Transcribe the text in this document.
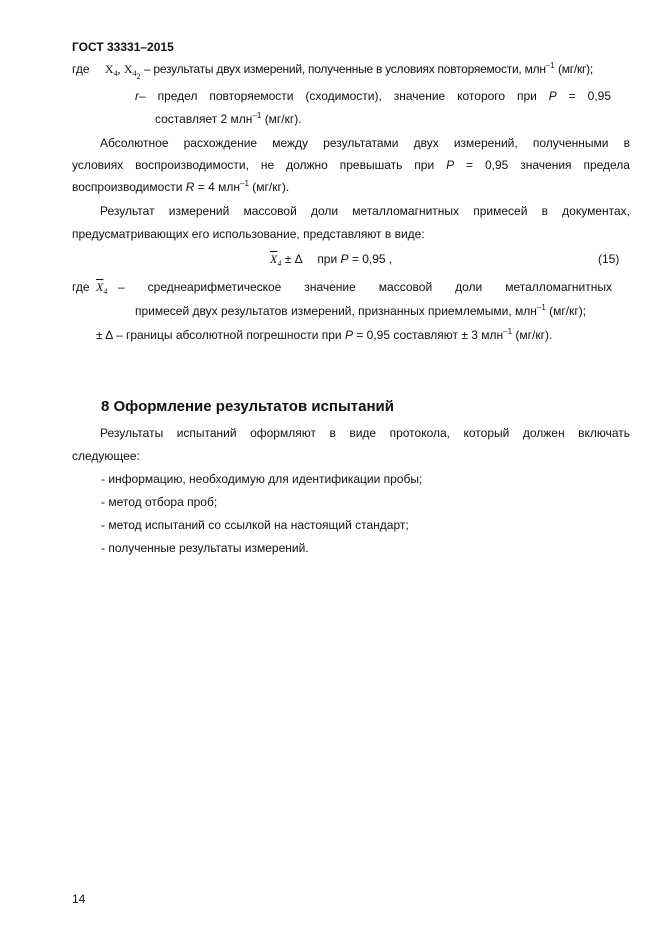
ГОСТ 33331–2015
где $X_4$, $X_{4_2}$ – результаты двух измерений, полученные в условиях повторяемости, млн$^{-1}$ (мг/кг);
r– предел повторяемости (сходимости), значение которого при P = 0,95
составляет 2 млн$^{-1}$ (мг/кг).
Абсолютное расхождение между результатами двух измерений, полученными в
условиях воспроизводимости, не должно превышать при P = 0,95 значения предела
воспроизводимости R = 4 млн$^{-1}$ (мг/кг).
Результат измерений массовой доли металломагнитных примесей в документах,
предусматривающих его использование, представляют в виде:
$\overline{X}_4 \pm \Delta$ при P = 0,95 ,	(15)
где $\overline{X}_4$ – среднеарифметическое значение массовой доли металломагнитных
примесей двух результатов измерений, признанных приемлемыми, млн$^{-1}$ (мг/кг);
± Δ – границы абсолютной погрешности при P = 0,95 составляют ± 3 млн$^{-1}$ (мг/кг).
8 Оформление результатов испытаний
Результаты испытаний оформляют в виде протокола, который должен включать
следующее:
- информацию, необходимую для идентификации пробы;
- метод отбора проб;
- метод испытаний со ссылкой на настоящий стандарт;
- полученные результаты измерений.
14
